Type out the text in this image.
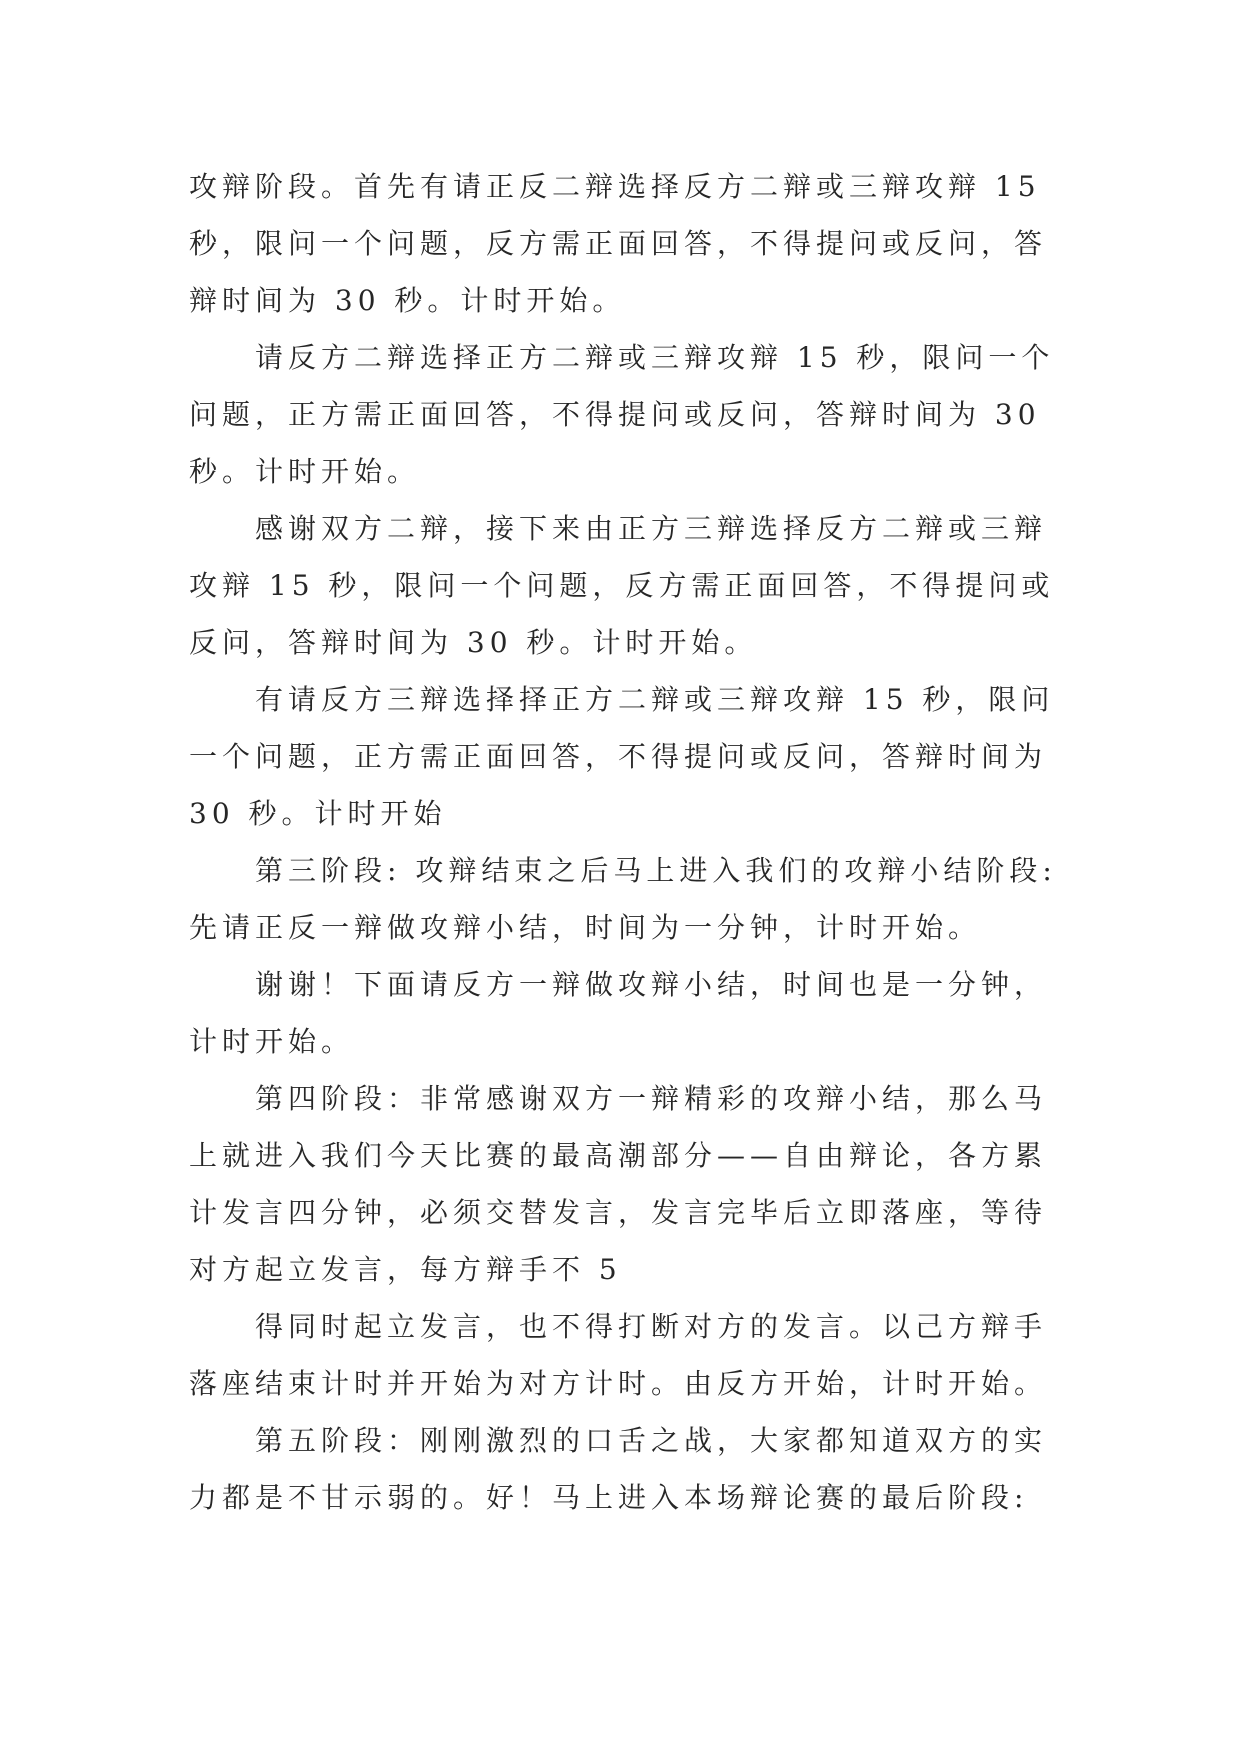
攻辩阶段。首先有请正反二辩选择反方二辩或三辩攻辩 15
秒，限问一个问题，反方需正面回答，不得提问或反问，答
辩时间为 30 秒。计时开始。
请反方二辩选择正方二辩或三辩攻辩 15 秒，限问一个
问题，正方需正面回答，不得提问或反问，答辩时间为 30
秒。计时开始。
感谢双方二辩，接下来由正方三辩选择反方二辩或三辩
攻辩 15 秒，限问一个问题，反方需正面回答，不得提问或
反问，答辩时间为 30 秒。计时开始。
有请反方三辩选择择正方二辩或三辩攻辩 15 秒，限问
一个问题，正方需正面回答，不得提问或反问，答辩时间为
30 秒。计时开始
第三阶段: 攻辩结束之后马上进入我们的攻辩小结阶段:
先请正反一辩做攻辩小结，时间为一分钟，计时开始。
谢谢！下面请反方一辩做攻辩小结，时间也是一分钟，
计时开始。
第四阶段：非常感谢双方一辩精彩的攻辩小结，那么马
上就进入我们今天比赛的最高潮部分——自由辩论，各方累
计发言四分钟，必须交替发言，发言完毕后立即落座，等待
对方起立发言，每方辩手不 5
得同时起立发言，也不得打断对方的发言。以己方辩手
落座结束计时并开始为对方计时。由反方开始，计时开始。
第五阶段：刚刚激烈的口舌之战，大家都知道双方的实
力都是不甘示弱的。好！马上进入本场辩论赛的最后阶段:
